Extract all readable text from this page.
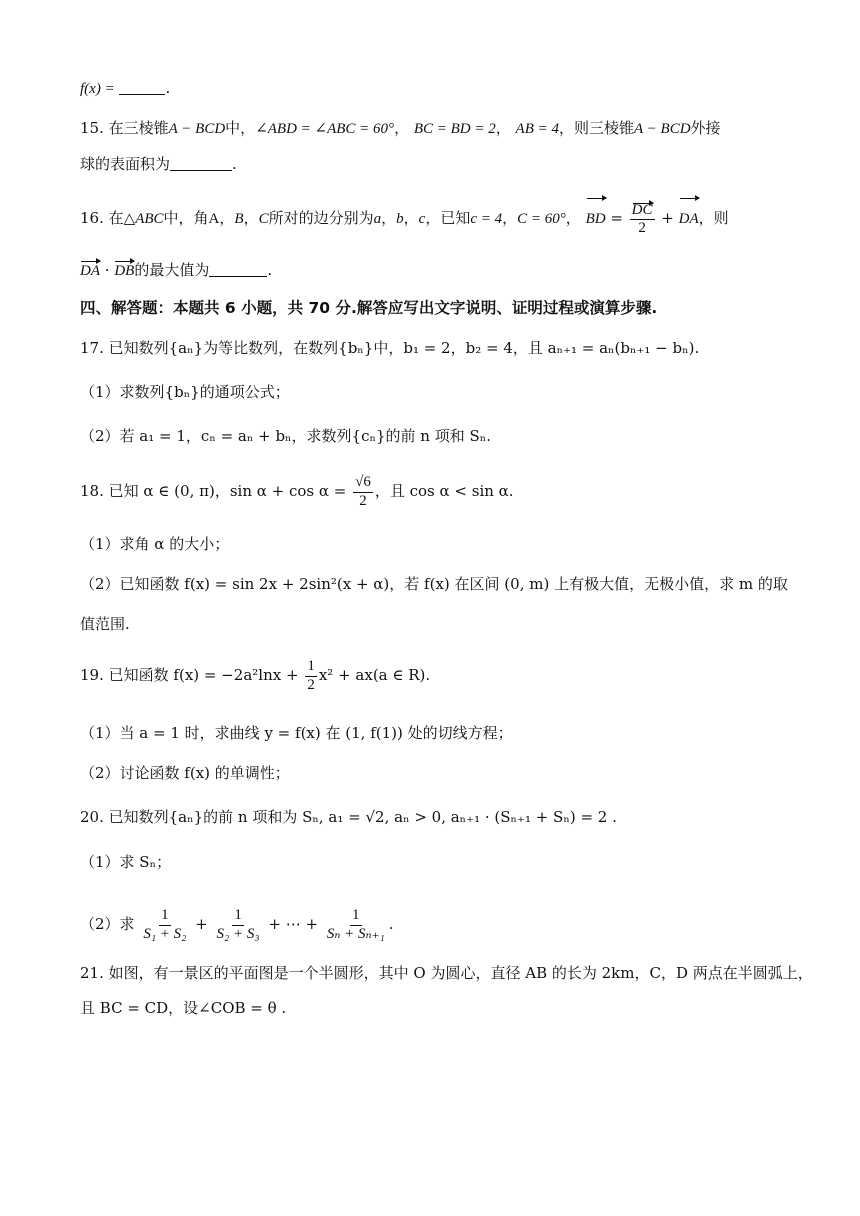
f(x) =	.
15. 在三棱锥A − BCD中，∠ABD = ∠ABC = 60°， BC = BD = 2， AB = 4，则三棱锥A − BCD外接
球的表面积为	.
16. 在△ABC中，角A，B，C所对的边分别为a，b，c，已知c = 4，C = 60°， BD = $\frac{DC}{2}$ + DA，则
DA · DB的最大值为	.
四、解答题：本题共 6 小题，共 70 分.解答应写出文字说明、证明过程或演算步骤.
17. 已知数列{aₙ}为等比数列，在数列{bₙ}中，b₁ = 2，b₂ = 4，且 aₙ₊₁ = aₙ(bₙ₊₁ − bₙ).
（1）求数列{bₙ}的通项公式；
（2）若 a₁ = 1，cₙ = aₙ + bₙ，求数列{cₙ}的前 n 项和 Sₙ.
18. 已知 α ∈ (0, π)，$\sin \alpha + \cos \alpha = \frac{√6}{2}$ ，且 cos α < sin α.
（1）求角 α 的大小；
（2）已知函数 f(x) = sin 2x + 2sin²(x + α)，若 f(x) 在区间 (0, m) 上有极大值，无极小值，求 m 的取
值范围.
19. 已知函数 $f(x) = -2a^2\ln x + \frac{1}{2} x^2 + ax(a$ ∈ R).
（1）当 a = 1 时，求曲线 y = f(x) 在 (1, f(1)) 处的切线方程；
（2）讨论函数 f(x) 的单调性；
20. 已知数列{aₙ}的前 n 项和为 Sₙ, a₁ = √2, aₙ > 0, aₙ₊₁ · (Sₙ₊₁ + Sₙ) = 2 .
（1）求 Sₙ；
（2）求 $\frac{1}{\text{S₁ + S₂}} + \frac{1}{\text{S₂ + S₃}}$ + ⋯ + $\frac{1}{\text{Sₙ + Sₙ₊₁}}$ .
21. 如图，有一景区的平面图是一个半圆形，其中 O 为圆心，直径 AB 的长为 2km，C，D 两点在半圆弧上，
且 BC = CD，设∠COB = θ .
